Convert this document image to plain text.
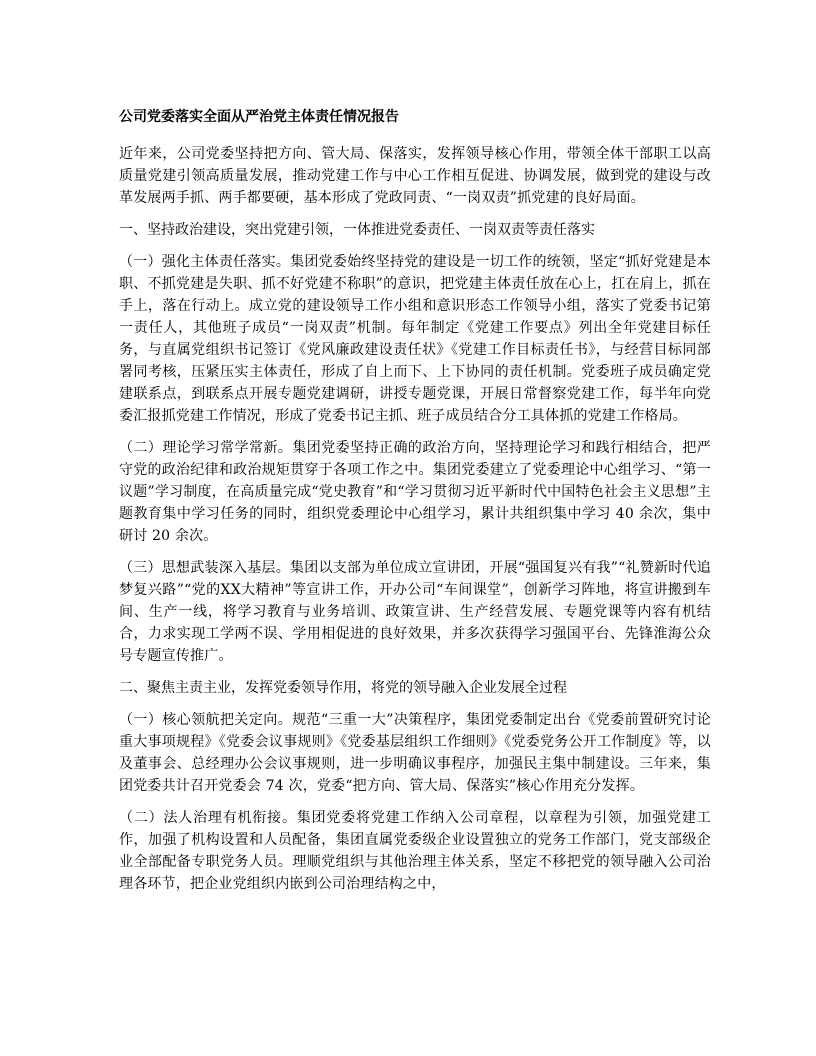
公司党委落实全面从严治党主体责任情况报告
近年来，公司党委坚持把方向、管大局、保落实，发挥领导核心作用，带领全体干部职工以高质量党建引领高质量发展，推动党建工作与中心工作相互促进、协调发展，做到党的建设与改革发展两手抓、两手都要硬，基本形成了党政同责、“一岗双责”抓党建的良好局面。
一、坚持政治建设，突出党建引领，一体推进党委责任、一岗双责等责任落实
（一）强化主体责任落实。集团党委始终坚持党的建设是一切工作的统领，坚定“抓好党建是本职、不抓党建是失职、抓不好党建不称职”的意识，把党建主体责任放在心上，扛在肩上，抓在手上，落在行动上。成立党的建设领导工作小组和意识形态工作领导小组，落实了党委书记第一责任人，其他班子成员“一岗双责”机制。每年制定《党建工作要点》列出全年党建目标任务，与直属党组织书记签订《党风廉政建设责任状》《党建工作目标责任书》，与经营目标同部署同考核，压紧压实主体责任，形成了自上而下、上下协同的责任机制。党委班子成员确定党建联系点，到联系点开展专题党建调研，讲授专题党课，开展日常督察党建工作，每半年向党委汇报抓党建工作情况，形成了党委书记主抓、班子成员结合分工具体抓的党建工作格局。
（二）理论学习常学常新。集团党委坚持正确的政治方向，坚持理论学习和践行相结合，把严守党的政治纪律和政治规矩贯穿于各项工作之中。集团党委建立了党委理论中心组学习、“第一议题”学习制度，在高质量完成“党史教育”和“学习贯彻习近平新时代中国特色社会主义思想”主题教育集中学习任务的同时，组织党委理论中心组学习，累计共组织集中学习 40 余次，集中研讨 20 余次。
（三）思想武装深入基层。集团以支部为单位成立宣讲团，开展“强国复兴有我”“礼赞新时代追梦复兴路”“党的XX大精神”等宣讲工作，开办公司“车间课堂”，创新学习阵地，将宣讲搬到车间、生产一线，将学习教育与业务培训、政策宣讲、生产经营发展、专题党课等内容有机结合，力求实现工学两不误、学用相促进的良好效果，并多次获得学习强国平台、先锋淮海公众号专题宣传推广。
二、聚焦主责主业，发挥党委领导作用，将党的领导融入企业发展全过程
（一）核心领航把关定向。规范“三重一大”决策程序，集团党委制定出台《党委前置研究讨论重大事项规程》《党委会议事规则》《党委基层组织工作细则》《党委党务公开工作制度》等，以及董事会、总经理办公会议事规则，进一步明确议事程序，加强民主集中制建设。三年来，集团党委共计召开党委会 74 次，党委“把方向、管大局、保落实”核心作用充分发挥。
（二）法人治理有机衔接。集团党委将党建工作纳入公司章程，以章程为引领，加强党建工作，加强了机构设置和人员配备，集团直属党委级企业设置独立的党务工作部门，党支部级企业全部配备专职党务人员。理顺党组织与其他治理主体关系，坚定不移把党的领导融入公司治理各环节，把企业党组织内嵌到公司治理结构之中，
